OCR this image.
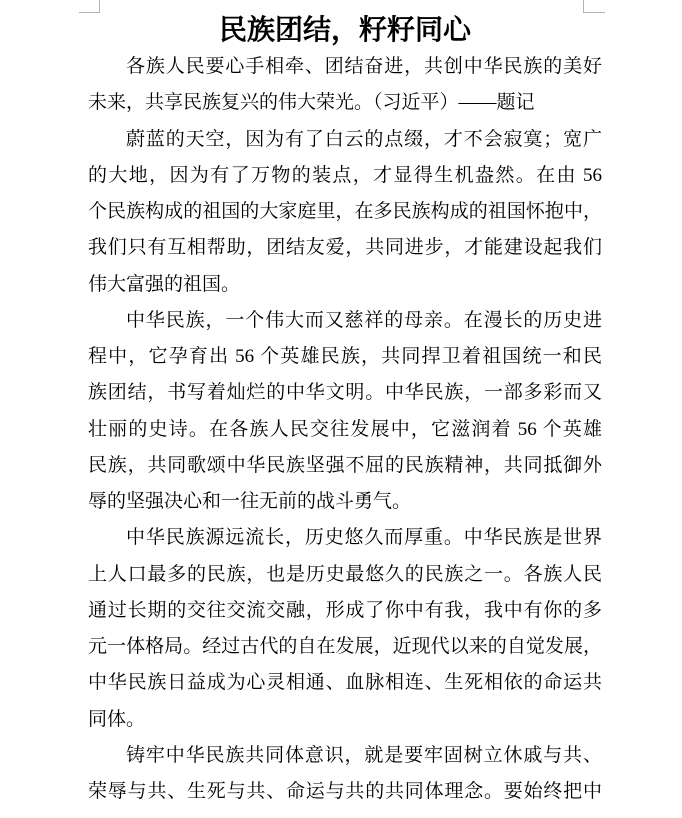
民族团结，籽籽同心
各族人民要心手相牵、团结奋进，共创中华民族的美好
未来，共享民族复兴的伟大荣光。（习近平）——题记
蔚蓝的天空，因为有了白云的点缀，才不会寂寞；宽广
的大地，因为有了万物的装点，才显得生机盎然。在由 56
个民族构成的祖国的大家庭里，在多民族构成的祖国怀抱中，
我们只有互相帮助，团结友爱，共同进步，才能建设起我们
伟大富强的祖国。
中华民族，一个伟大而又慈祥的母亲。在漫长的历史进
程中，它孕育出 56 个英雄民族，共同捍卫着祖国统一和民
族团结，书写着灿烂的中华文明。中华民族，一部多彩而又
壮丽的史诗。在各族人民交往发展中，它滋润着 56 个英雄
民族，共同歌颂中华民族坚强不屈的民族精神，共同抵御外
辱的坚强决心和一往无前的战斗勇气。
中华民族源远流长，历史悠久而厚重。中华民族是世界
上人口最多的民族，也是历史最悠久的民族之一。各族人民
通过长期的交往交流交融，形成了你中有我，我中有你的多
元一体格局。经过古代的自在发展，近现代以来的自觉发展，
中华民族日益成为心灵相通、血脉相连、生死相依的命运共
同体。
铸牢中华民族共同体意识，就是要牢固树立休戚与共、
荣辱与共、生死与共、命运与共的共同体理念。要始终把中
